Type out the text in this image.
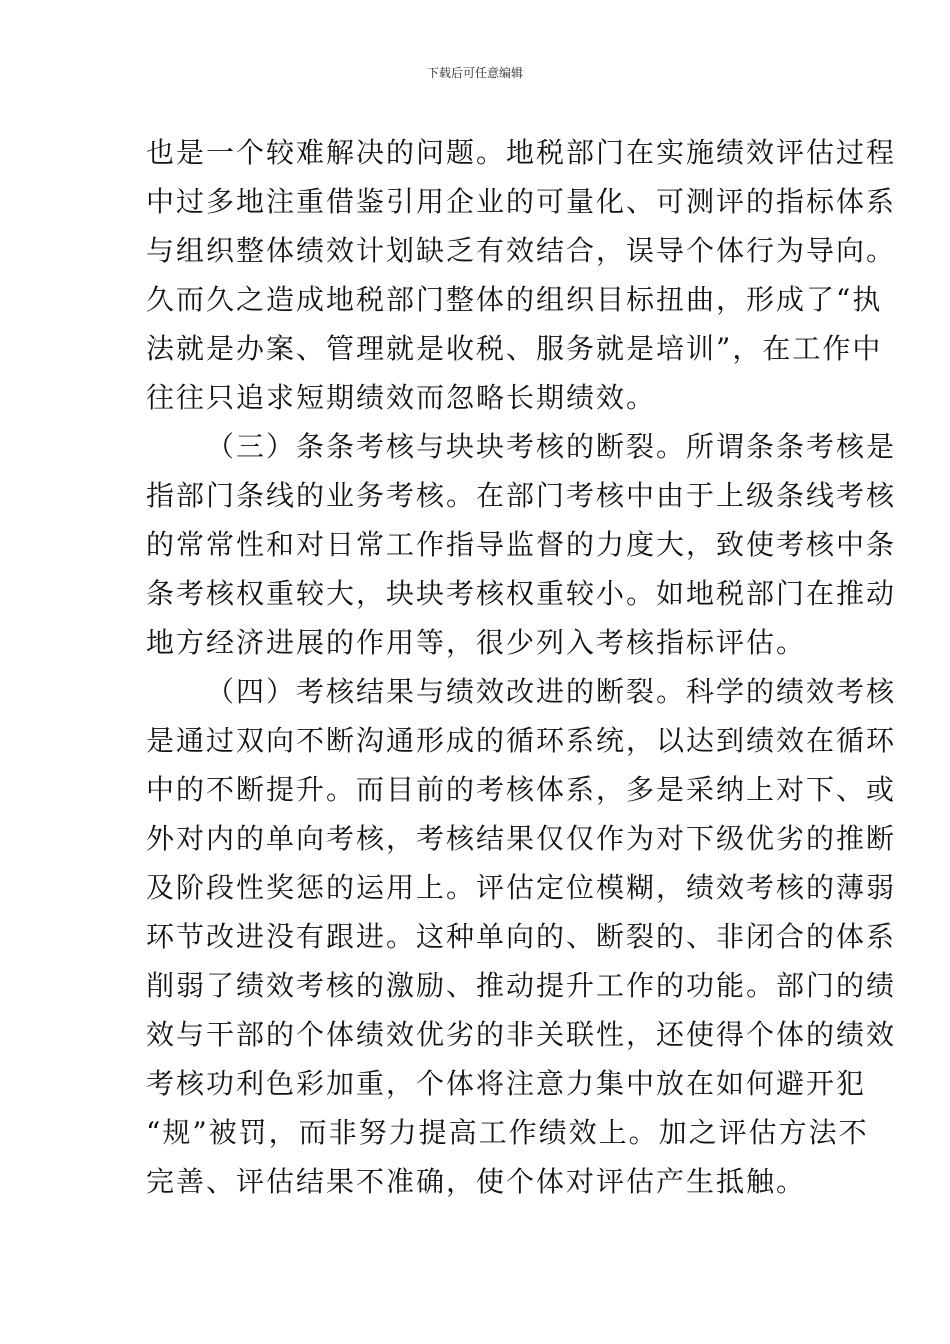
下载后可任意编辑
也是一个较难解决的问题。地税部门在实施绩效评估过程
中过多地注重借鉴引用企业的可量化、可测评的指标体系
与组织整体绩效计划缺乏有效结合，误导个体行为导向。
久而久之造成地税部门整体的组织目标扭曲，形成了“执
法就是办案、管理就是收税、服务就是培训”，在工作中
往往只追求短期绩效而忽略长期绩效。
（三）条条考核与块块考核的断裂。所谓条条考核是
指部门条线的业务考核。在部门考核中由于上级条线考核
的常常性和对日常工作指导监督的力度大，致使考核中条
条考核权重较大，块块考核权重较小。如地税部门在推动
地方经济进展的作用等，很少列入考核指标评估。
（四）考核结果与绩效改进的断裂。科学的绩效考核
是通过双向不断沟通形成的循环系统，以达到绩效在循环
中的不断提升。而目前的考核体系，多是采纳上对下、或
外对内的单向考核，考核结果仅仅作为对下级优劣的推断
及阶段性奖惩的运用上。评估定位模糊，绩效考核的薄弱
环节改进没有跟进。这种单向的、断裂的、非闭合的体系
削弱了绩效考核的激励、推动提升工作的功能。部门的绩
效与干部的个体绩效优劣的非关联性，还使得个体的绩效
考核功利色彩加重，个体将注意力集中放在如何避开犯
“规”被罚，而非努力提高工作绩效上。加之评估方法不
完善、评估结果不准确，使个体对评估产生抵触。
